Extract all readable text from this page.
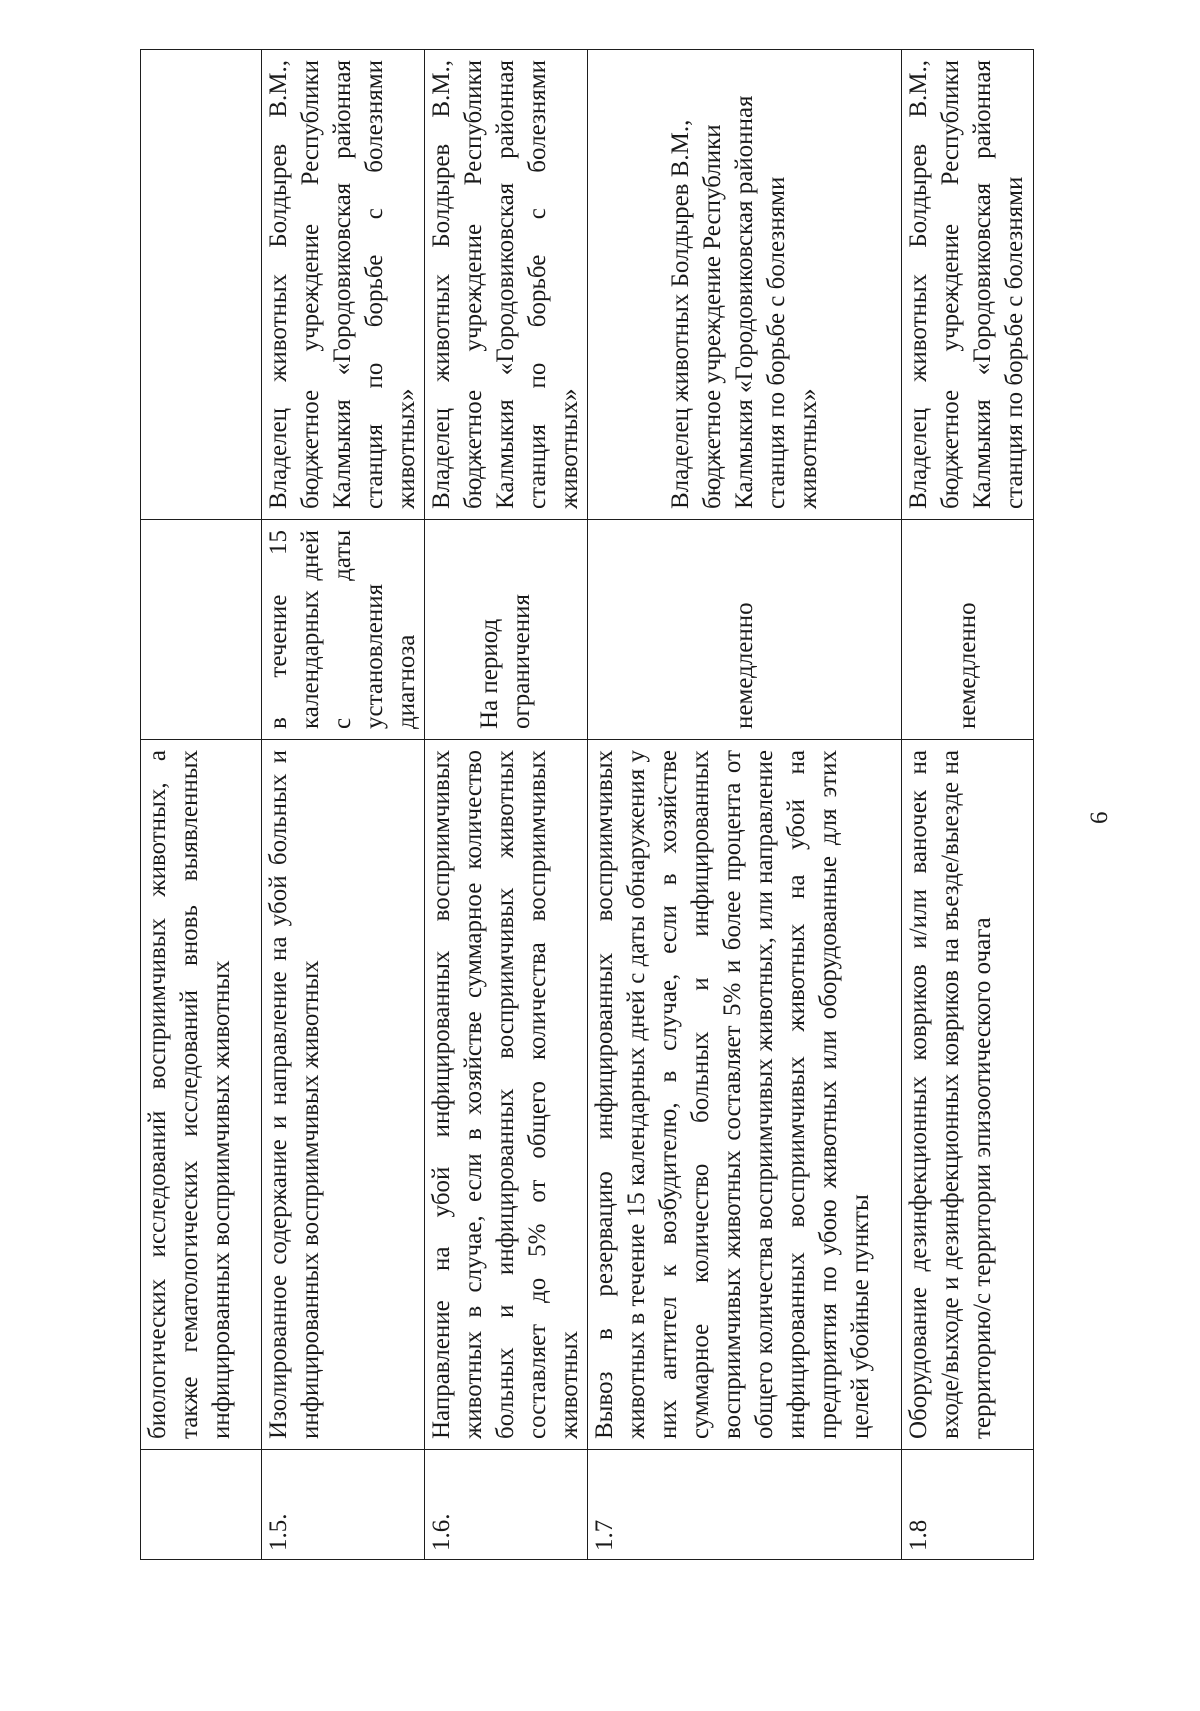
	биологических исследований восприимчивых животных, а также гематологических исследований вновь выявленных инфицированных восприимчивых животных		
1.5.	Изолированное содержание и направление на убой больных и инфицированных восприимчивых животных	в течение 15 календарных дней с даты установления диагноза	Владелец животных Болдырев В.М., бюджетное учреждение Республики Калмыкия «Городовиковская районная станция по борьбе с болезнями животных»
1.6.	Направление на убой инфицированных восприимчивых животных в случае, если в хозяйстве суммарное количество больных и инфицированных восприимчивых животных составляет до 5% от общего количества восприимчивых животных	На период ограничения	Владелец животных Болдырев В.М., бюджетное учреждение Республики Калмыкия «Городовиковская районная станция по борьбе с болезнями животных»
1.7	Вывоз в резервацию инфицированных восприимчивых животных в течение 15 календарных дней с даты обнаружения у них антител к возбудителю, в случае, если в хозяйстве суммарное количество больных и инфицированных восприимчивых животных составляет 5% и более процента от общего количества восприимчивых животных, или направление инфицированных восприимчивых животных на убой на предприятия по убою животных или оборудованные для этих целей убойные пункты	немедленно	Владелец животных Болдырев В.М., бюджетное учреждение Республики Калмыкия «Городовиковская районная станция по борьбе с болезнями животных»
1.8	Оборудование дезинфекционных ковриков и/или ваночек на входе/выходе и дезинфекционных ковриков на въезде/выезде на территорию/с территории эпизоотического очага	немедленно	Владелец животных Болдырев В.М., бюджетное учреждение Республики Калмыкия «Городовиковская районная станция по борьбе с болезнями
6
